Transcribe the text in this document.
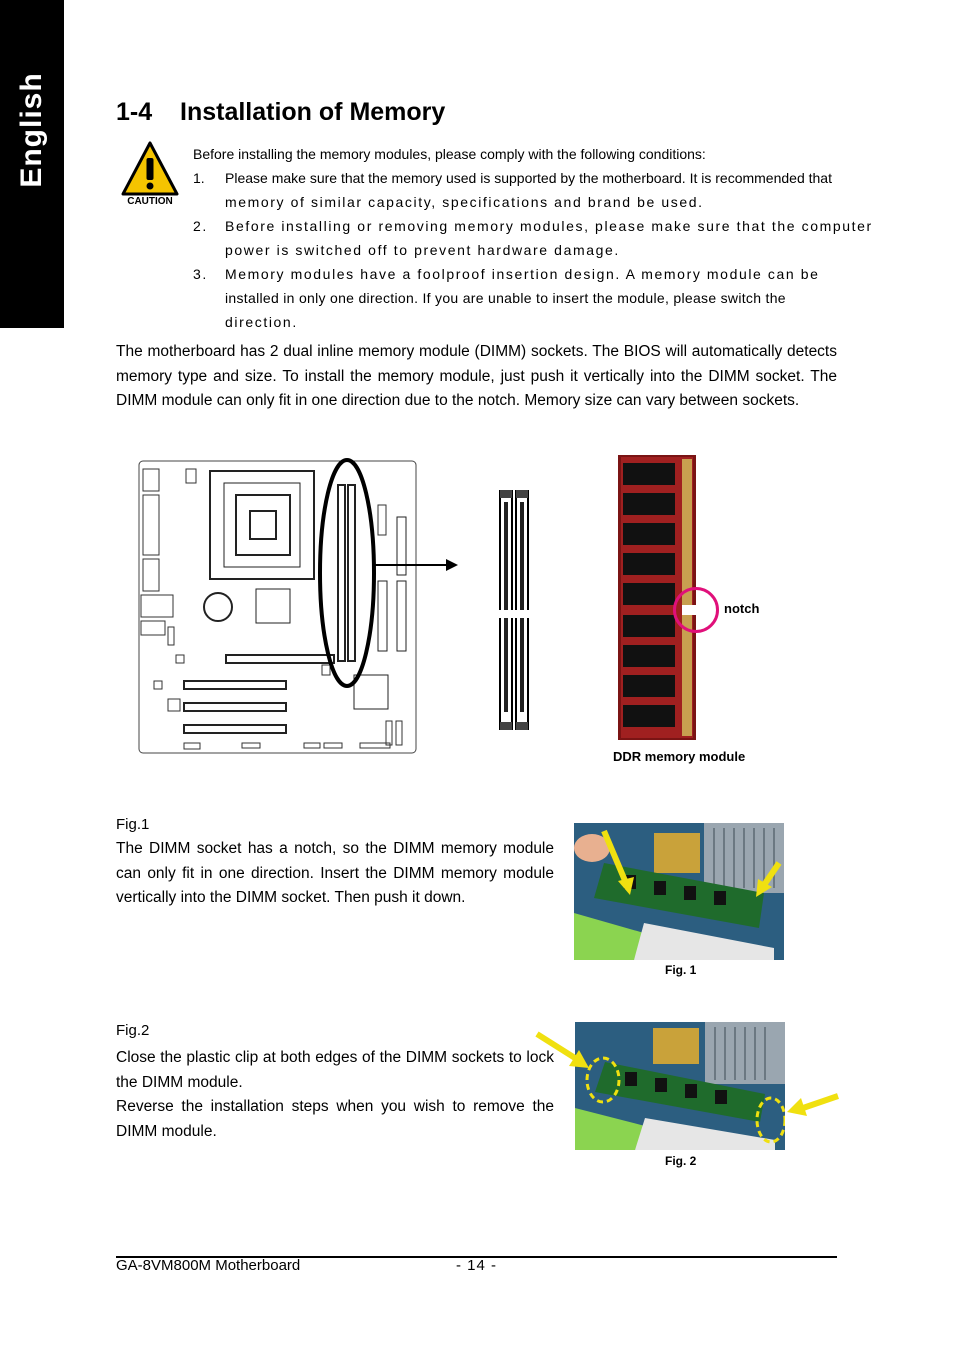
English	1-4 Installation of Memory
CAUTION
Before installing the memory modules, please comply with the following conditions:
1. Please make sure that the memory used is supported by the motherboard. It is recommended that
memory of similar capacity, specifications and brand be used.
2. Before installing or removing memory modules, please make sure that the computer
power is switched off to prevent hardware damage.
3. Memory modules have a foolproof insertion design. A memory module can be
installed in only one direction. If you are unable to insert the module, please switch the
direction.
The motherboard has 2 dual inline memory module (DIMM) sockets. The BIOS will automatically detects memory type and size. To install the memory module, just push it vertically into the DIMM socket. The DIMM module can only fit in one direction due to the notch. Memory size can vary between sockets.
notch
DDR memory module
Fig.1
The DIMM socket has a notch, so the DIMM memory module can only fit in one direction. Insert the DIMM memory module vertically into the DIMM socket. Then push it down.
Fig. 1
Fig.2
Close the plastic clip at both edges of the DIMM sockets to lock the DIMM module.
Reverse the installation steps when you wish to remove the DIMM module.
Fig. 2
GA-8VM800M Motherboard	- 14 -
